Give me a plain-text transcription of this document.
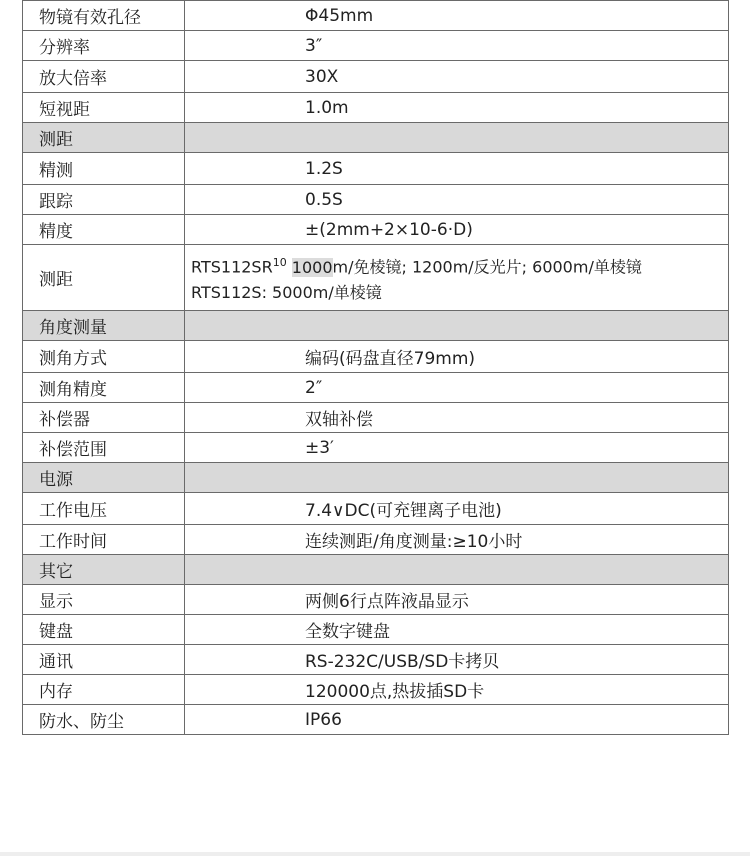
物镜有效孔径	Φ45mm
分辨率	3″
放大倍率	30X
短视距	1.0m
测距	
精测	1.2S
跟踪	0.5S
精度	±(2mm+2×10-6·D)
测距	RTS112SR$^{10}$ 1000m/免棱镜; 1200m/反光片; 6000m/单棱镜
RTS112S: 5000m/单棱镜

角度测量	
测角方式	编码(码盘直径79mm)
测角精度	2″
补偿器	双轴补偿
补偿范围	±3′
电源	
工作电压	7.4∨DC(可充锂离子电池)
工作时间	连续测距/角度测量:≥10小时
其它	
显示	两侧6行点阵液晶显示
键盘	全数字键盘
通讯	RS-232C/USB/SD卡拷贝
内存	120000点,热拔插SD卡
防水、防尘	IP66
